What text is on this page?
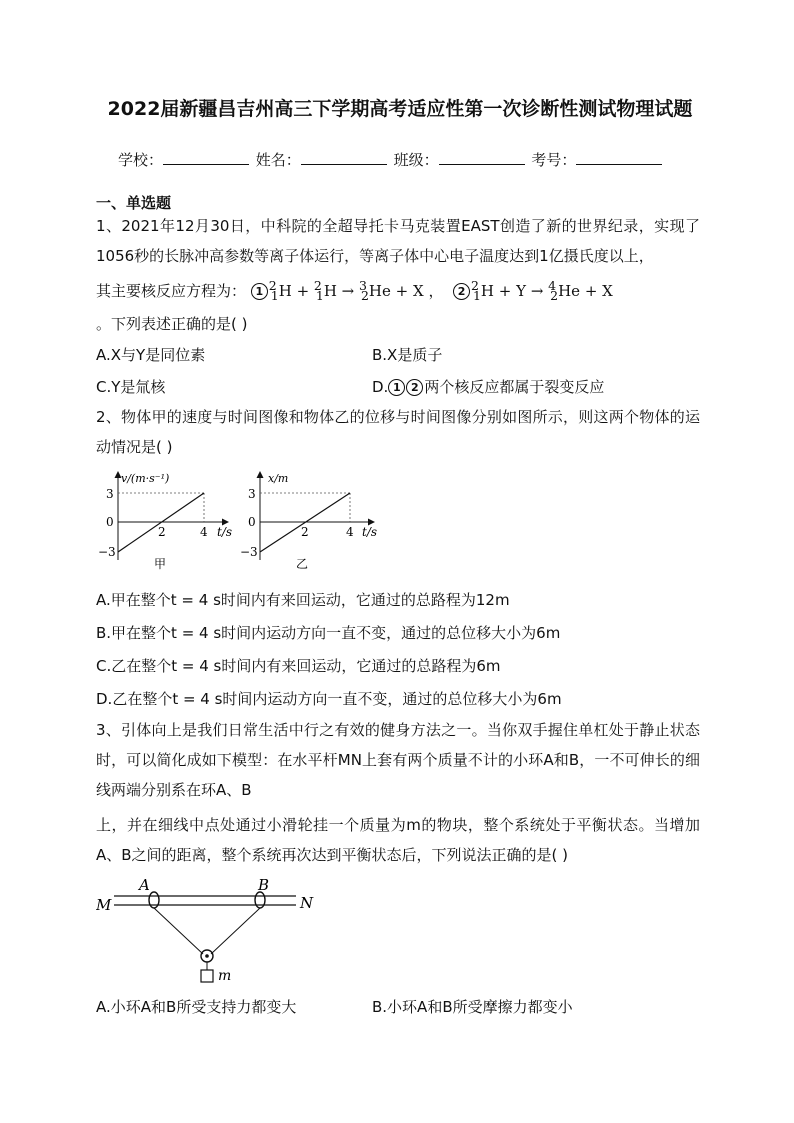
2022届新疆昌吉州高三下学期高考适应性第一次诊断性测试物理试题
学校：	姓名：	班级：	考号：
一、单选题
1、2021年12月30日，中科院的全超导托卡马克装置EAST创造了新的世界纪录，实现了1056秒的长脉冲高参数等离子体运行，等离子体中心电子温度达到1亿摄氏度以上，
其主要核反应方程为： 1 $^2_1$H + $^2_1$H → $^3_2$He + X ， 2 $^2_1$H + Y → $^4_2$He + X
。下列表述正确的是( )
A.X与Y是同位素	B.X是质子
C.Y是氚核	D. 1 2 两个核反应都属于裂变反应
2、物体甲的速度与时间图像和物体乙的位移与时间图像分别如图所示，则这两个物体的运动情况是( )
v/(m·s⁻¹)
3
0
−3
2	4 t/s
甲
x/m
3
0
−3
2	4 t/s
乙
A.甲在整个t = 4 s时间内有来回运动，它通过的总路程为12m
B.甲在整个t = 4 s时间内运动方向一直不变，通过的总位移大小为6m
C.乙在整个t = 4 s时间内有来回运动，它通过的总路程为6m
D.乙在整个t = 4 s时间内运动方向一直不变，通过的总位移大小为6m
3、引体向上是我们日常生活中行之有效的健身方法之一。当你双手握住单杠处于静止状态时，可以简化成如下模型：在水平杆MN上套有两个质量不计的小环A和B，一不可伸长的细线两端分别系在环A、B
上，并在细线中点处通过小滑轮挂一个质量为m的物块，整个系统处于平衡状态。当增加A、B之间的距离，整个系统再次达到平衡状态后，下列说法正确的是( )
M	N
A	B
m
A.小环A和B所受支持力都变大	B.小环A和B所受摩擦力都变小
